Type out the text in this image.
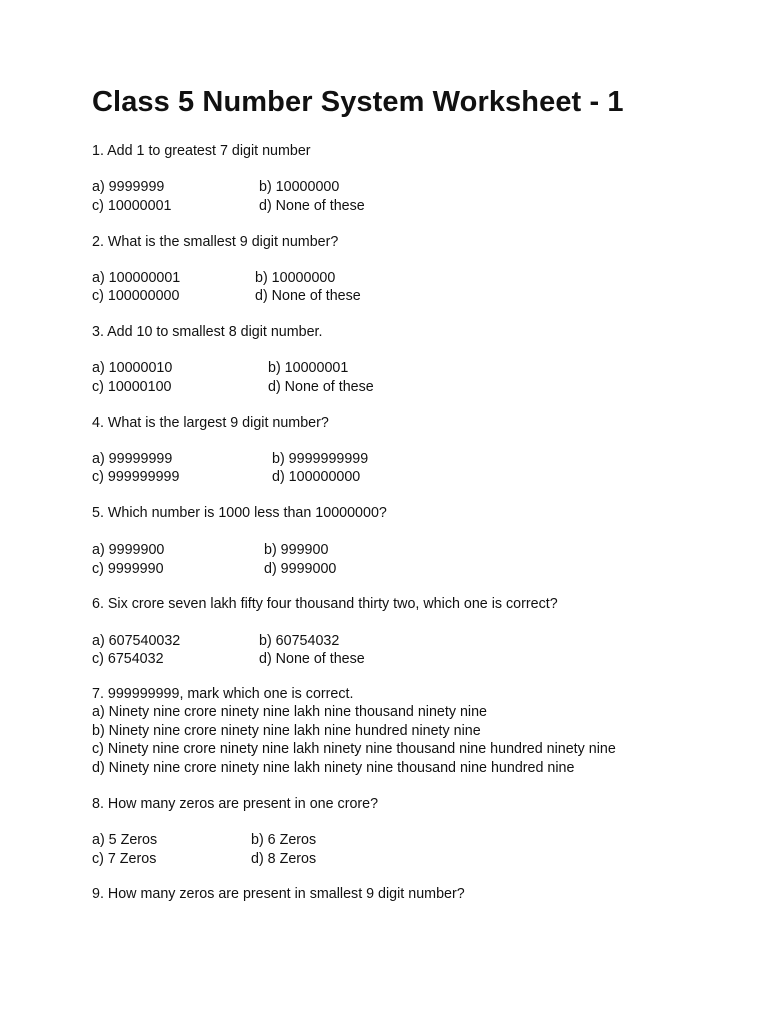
Class 5 Number System Worksheet - 1
1. Add 1 to greatest 7 digit number
a) 9999999	b) 10000000
c) 10000001	d) None of these
2. What is the smallest 9 digit number?
a) 100000001	b) 10000000
c) 100000000	d) None of these
3. Add 10 to smallest 8 digit number.
a) 10000010	b) 10000001
c) 10000100	d) None of these
4. What is the largest 9 digit number?
a) 99999999	b) 9999999999
c) 999999999	d) 100000000
5. Which number is 1000 less than 10000000?
a) 9999900	b) 999900
c) 9999990	d) 9999000
6. Six crore seven lakh fifty four thousand thirty two, which one is correct?
a) 607540032	b) 60754032
c) 6754032	d) None of these
7. 999999999, mark which one is correct.
a) Ninety nine crore ninety nine lakh nine thousand ninety nine
b) Ninety nine crore ninety nine lakh nine hundred ninety nine
c) Ninety nine crore ninety nine lakh ninety nine thousand nine hundred ninety nine
d) Ninety nine crore ninety nine lakh ninety nine thousand nine hundred nine
8. How many zeros are present in one crore?
a) 5 Zeros	b) 6 Zeros
c) 7 Zeros	d) 8 Zeros
9. How many zeros are present in smallest 9 digit number?
